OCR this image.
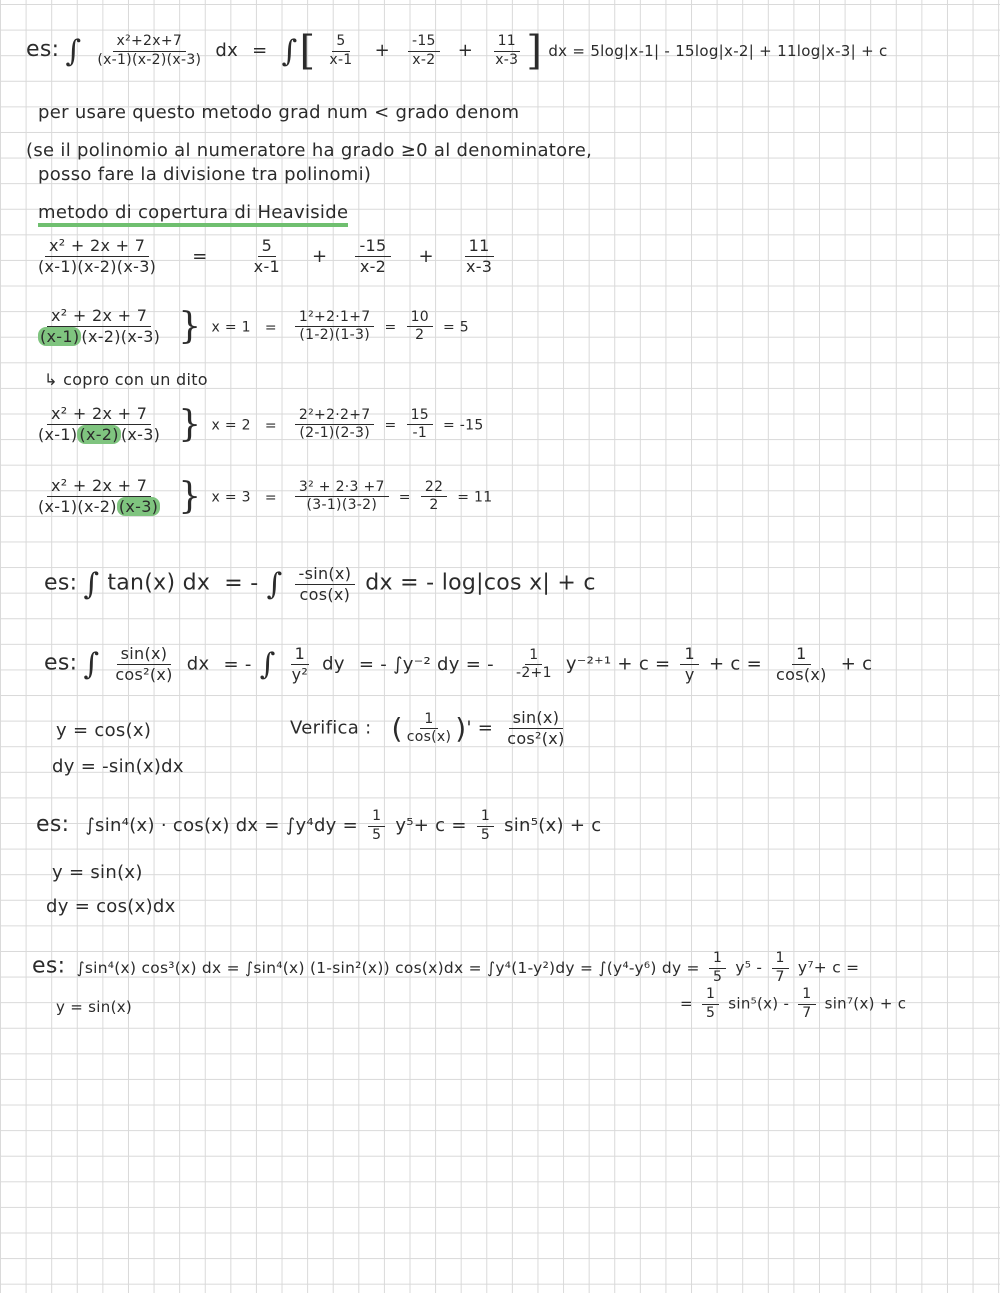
es: ∫ $\frac{\text{x²+2x+7}}{(x-1)(x-2)(x-3)}$ dx = ∫[ $\frac{5}{x-1} + \frac{-15}{x-2} + \frac{11}{x-3}$ ] dx = 5log|x-1| - 15log|x-2| + 11log|x-3| + c
per usare questo metodo grad num < grado denom
(se il polinomio al numeratore ha grado ≥0 al denominatore,
posso fare la divisione tra polinomi)
metodo di copertura di Heaviside
$\frac{\text{x² + 2x + 7}}{(x-1)(x-2)(x-3)}$ =	$\frac{5}{x-1} + \frac{-15}{x-2} + \frac{11}{x-3}$
$\frac{\text{x² + 2x + 7}}{(x-1) (x-2)(x-3)}$ } $x = 1 = \frac{\text{1²+2·1+7}}{(1-2)(1-3)} = \frac{10}{2} = 5$
↳ copro con un dito
$\frac{\text{x² + 2x + 7}}{(x-1) (x-2) (x-3)}$ } $x = 2 = \frac{\text{2²+2·2+7}}{(2-1)(2-3)} = \frac{15}{-1} = -15$
$\frac{\text{x² + 2x + 7}}{(x-1)(x-2) (x-3)}$ } $x = 3 = \frac{\text{3² + 2·3 +7}}{(3-1)(3-2)} = \frac{22}{2} = 11$
es: ∫ tan(x) dx = - ∫ $\frac{-\sin(x)}{\cos(x)}$ dx = - log|cos x| + c
es: ∫ $\frac{\sin(x)}{\text{cos²(x)}}$ dx = - ∫ $\frac{1}{\text{y²}}$ dy = - ∫y⁻² dy = - $\frac{1}{-2+1} y^{-2+1} + c = \frac{1}{y} + c = \frac{1}{\cos(x)} + c$
y = cos(x)
dy = -sin(x)dx
Verifica : ( $\frac{1}{\cos(x)}$ )' = $\frac{\sin(x)}{\text{cos²(x)}}$
es: ∫sin⁴(x) · cos(x) dx = $\int y^4dy = \frac{1}{5} y^5+ c = \frac{1}{5} \sin^5(x) + c$
y = sin(x)
dy = cos(x)dx
es: ∫sin⁴(x) cos³(x) dx = ∫sin⁴(x) (1-sin²(x)) cos(x)dx = ∫y⁴(1-y²)dy = ∫(y⁴-y⁶) dy = $\frac{1}{5} y^5 - \frac{1}{7} y^7+ c$ =
y = sin(x)	= $\frac{1}{5} \sin^5(x) - \frac{1}{7} \sin^7(x) + c$
